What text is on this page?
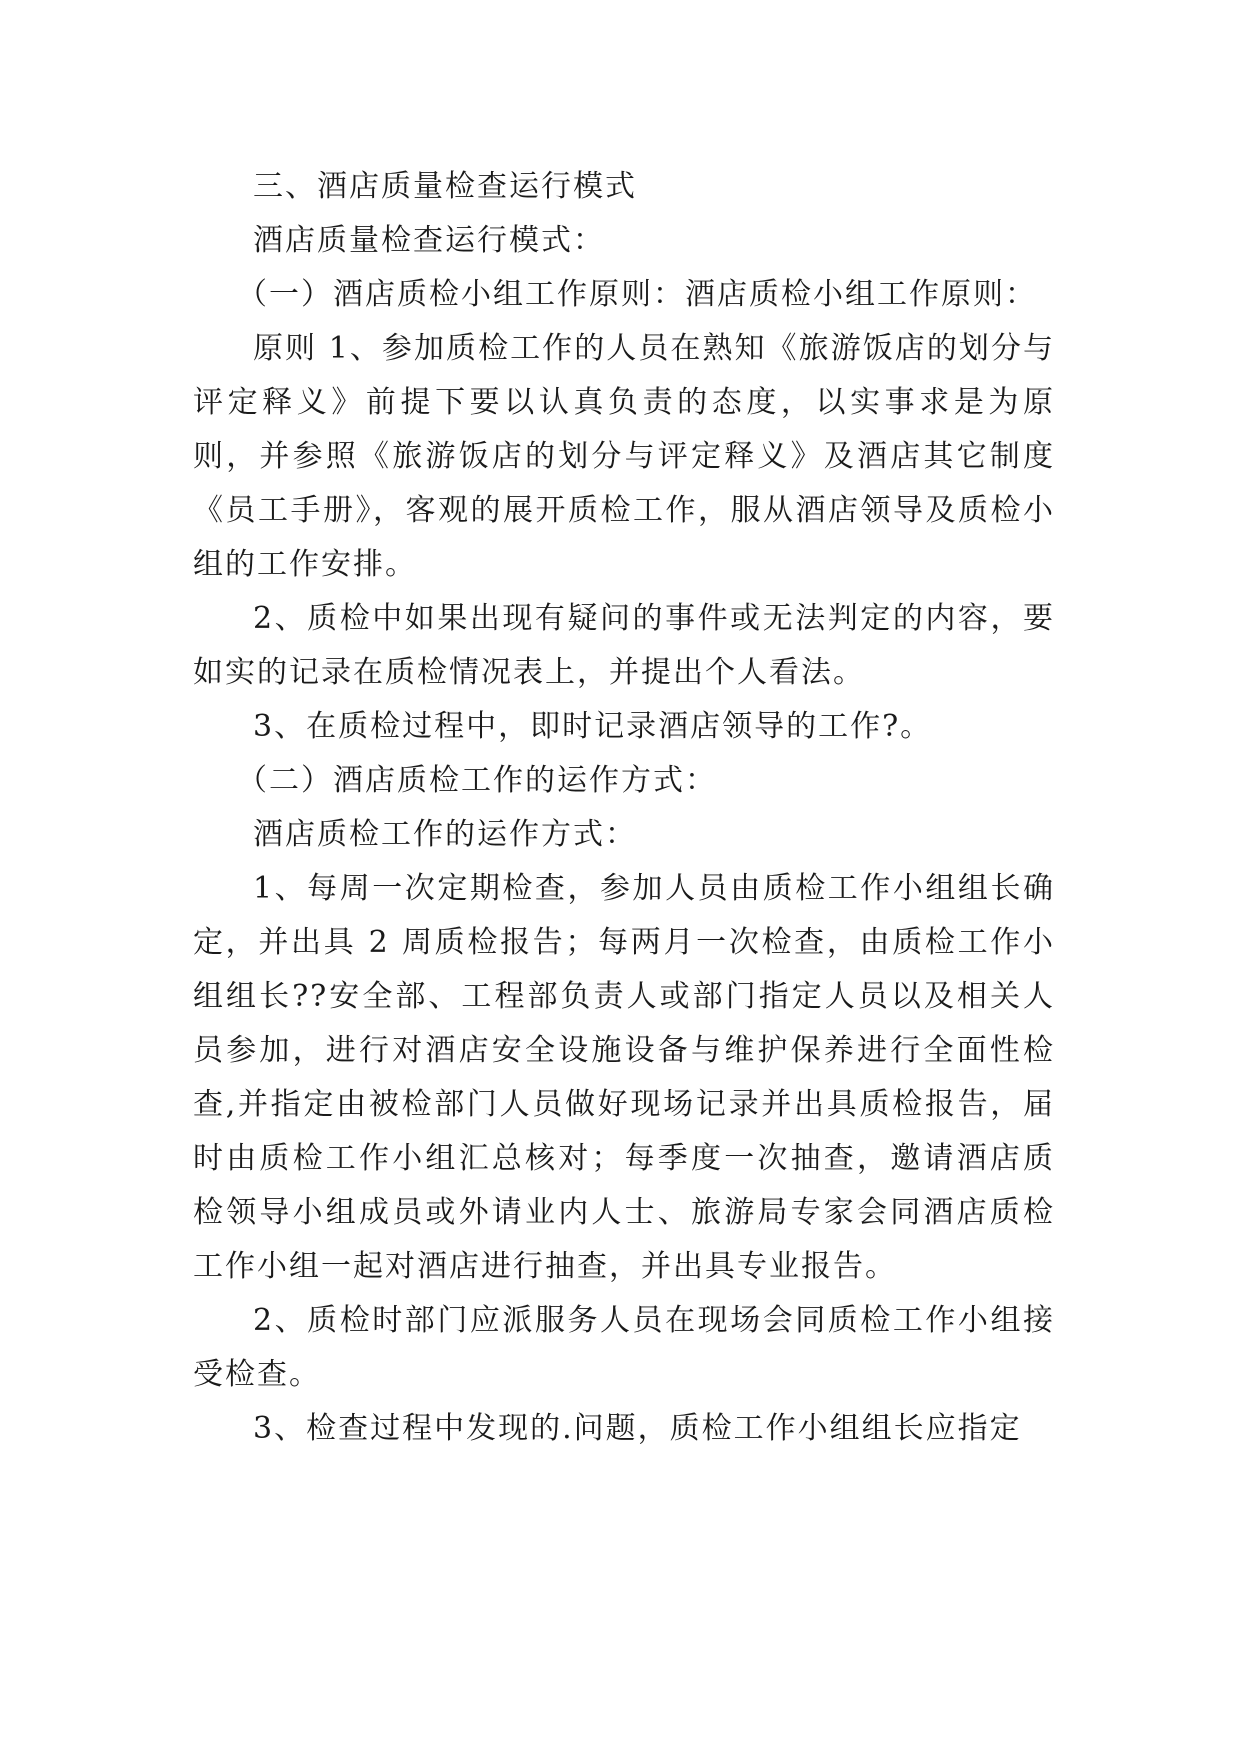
三、酒店质量检查运行模式

酒店质量检查运行模式：

（一）酒店质检小组工作原则：酒店质检小组工作原则：

原则 1、参加质检工作的人员在熟知《旅游饭店的划分与评定释义》前提下要以认真负责的态度，以实事求是为原则，并参照《旅游饭店的划分与评定释义》及酒店其它制度《员工手册》，客观的展开质检工作，服从酒店领导及质检小组的工作安排。

2、质检中如果出现有疑问的事件或无法判定的内容，要如实的记录在质检情况表上，并提出个人看法。

3、在质检过程中，即时记录酒店领导的工作?。

（二）酒店质检工作的运作方式：

酒店质检工作的运作方式：

1、每周一次定期检查，参加人员由质检工作小组组长确定，并出具 2 周质检报告；每两月一次检查，由质检工作小组组长??安全部、工程部负责人或部门指定人员以及相关人员参加，进行对酒店安全设施设备与维护保养进行全面性检查,并指定由被检部门人员做好现场记录并出具质检报告，届时由质检工作小组汇总核对；每季度一次抽查，邀请酒店质检领导小组成员或外请业内人士、旅游局专家会同酒店质检工作小组一起对酒店进行抽查，并出具专业报告。

2、质检时部门应派服务人员在现场会同质检工作小组接受检查。

3、检查过程中发现的.问题，质检工作小组组长应指定
